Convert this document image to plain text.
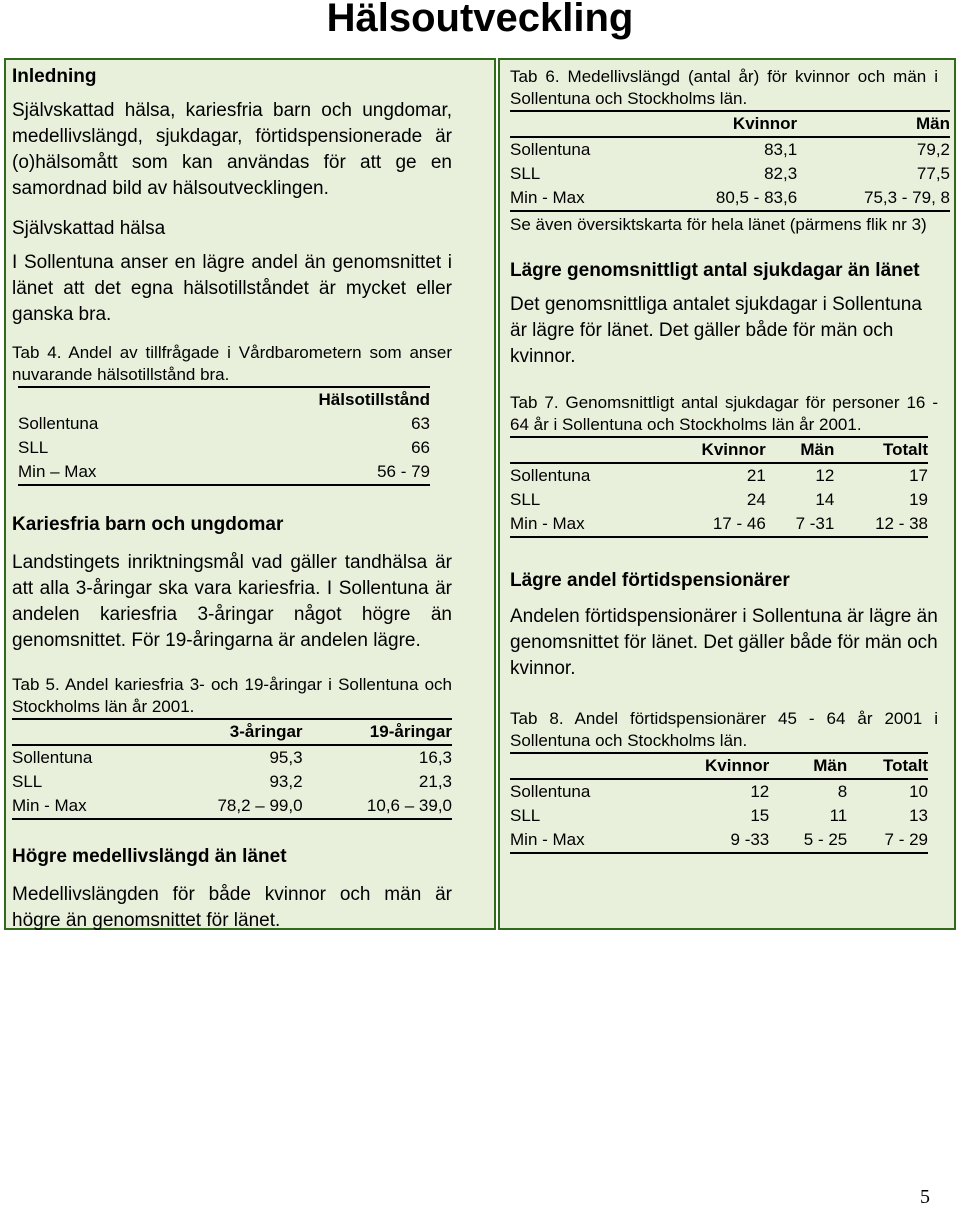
Hälsoutveckling
Inledning

Självskattad hälsa, kariesfria barn och ungdomar, medellivslängd, sjukdagar, förtidspensionerade är (o)hälsomått som kan användas för att ge en samordnad bild av hälsoutvecklingen.

Självskattad hälsa

I Sollentuna anser en lägre andel än genomsnittet i länet att det egna hälsotillståndet är mycket eller ganska bra.

Tab 4. Andel av tillfrågade i Vårdbarometern som anser nuvarande hälsotillstånd bra.

	Hälsotillstånd
Sollentuna	63
SLL	66
Min – Max	56 - 79
Kariesfria barn och ungdomar

Landstingets inriktningsmål vad gäller tandhälsa är att alla 3-åringar ska vara kariesfria. I Sollentuna är andelen kariesfria 3-åringar något högre än genomsnittet. För 19-åringarna är andelen lägre.

Tab 5. Andel kariesfria 3- och 19-åringar i Sollentuna och Stockholms län år 2001.

	3-åringar	19-åringar
Sollentuna	95,3	16,3
SLL	93,2	21,3
Min - Max	78,2 – 99,0	10,6 – 39,0
Högre medellivslängd än länet

Medellivslängden för både kvinnor och män är högre än genomsnittet för länet.

Tab 6. Medellivslängd (antal år) för kvinnor och män i Sollentuna och Stockholms län.

	Kvinnor	Män
Sollentuna	83,1	79,2
SLL	82,3	77,5
Min - Max	80,5 - 83,6	75,3 - 79, 8

Se även översiktskarta för hela länet (pärmens flik nr 3)

Lägre genomsnittligt antal sjukdagar än länet

Det genomsnittliga antalet sjukdagar i Sollentuna är lägre för länet. Det gäller både för män och kvinnor.

Tab 7. Genomsnittligt antal sjukdagar för personer 16 - 64 år i Sollentuna och Stockholms län år 2001.

	Kvinnor	Män	Totalt
Sollentuna	21	12	17
SLL	24	14	19
Min - Max	17 - 46	7 -31	12 - 38
Lägre andel förtidspensionärer

Andelen förtidspensionärer i Sollentuna är lägre än genomsnittet för länet. Det gäller både för män och kvinnor.

Tab 8. Andel förtidspensionärer 45 - 64 år 2001 i Sollentuna och Stockholms län.

	Kvinnor	Män	Totalt
Sollentuna	12	8	10
SLL	15	11	13
Min - Max	9 -33	5 - 25	7 - 29
5
